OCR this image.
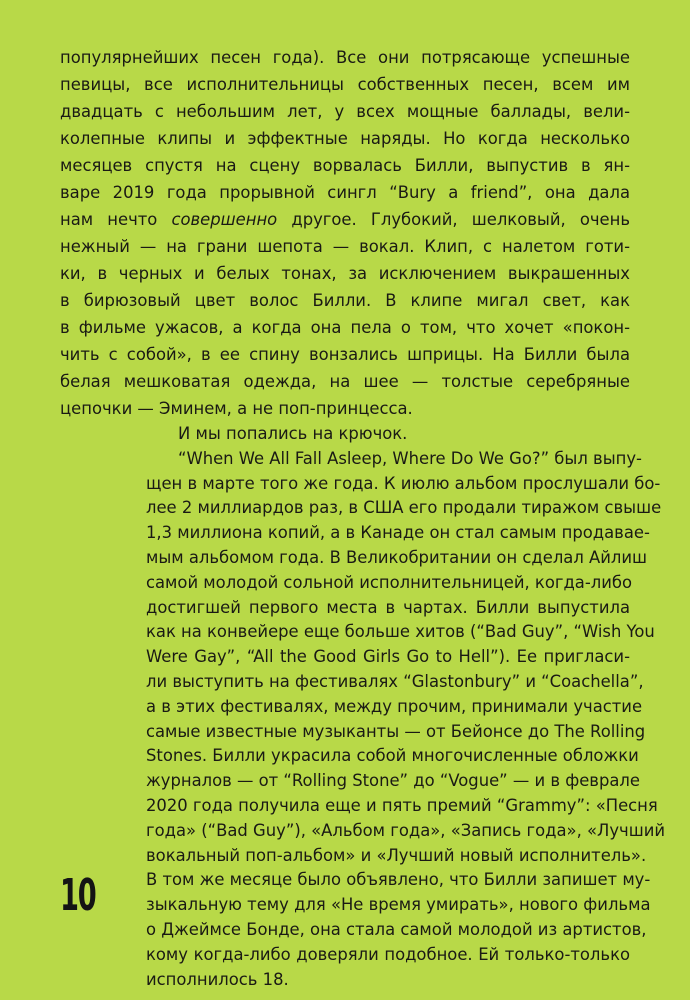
популярнейших песен года). Все они потрясающе успешные
певицы, все исполнительницы собственных песен, всем им
двадцать с небольшим лет, у всех мощные баллады, вели-
колепные клипы и эффектные наряды. Но когда несколько
месяцев спустя на сцену ворвалась Билли, выпустив в ян-
варе 2019 года прорывной сингл “Bury a friend”, она дала
нам нечто совершенно другое. Глубокий, шелковый, очень
нежный — на грани шепота — вокал. Клип, с налетом готи-
ки, в черных и белых тонах, за исключением выкрашенных
в бирюзовый цвет волос Билли. В клипе мигал свет, как
в фильме ужасов, а когда она пела о том, что хочет «покон-
чить с собой», в ее спину вонзались шприцы. На Билли была
белая мешковатая одежда, на шее — толстые серебряные
цепочки — Эминем, а не поп-принцесса.
И мы попались на крючок.
“When We All Fall Asleep, Where Do We Go?” был выпу-
щен в марте того же года. К июлю альбом прослушали бо-
лее 2 миллиардов раз, в США его продали тиражом свыше
1,3 миллиона копий, а в Канаде он стал самым продавае-
мым альбомом года. В Великобритании он сделал Айлиш
самой молодой сольной исполнительницей, когда-либо
достигшей первого места в чартах. Билли выпустила
как на конвейере еще больше хитов (“Bad Guy”, “Wish You
Were Gay”, “All the Good Girls Go to Hell”). Ее пригласи-
ли выступить на фестивалях “Glastonbury” и “Coachella”,
а в этих фестивалях, между прочим, принимали участие
самые известные музыканты — от Бейонсе до The Rolling
Stones. Билли украсила собой многочисленные обложки
журналов — от “Rolling Stone” до “Vogue” — и в феврале
2020 года получила еще и пять премий “Grammy”: «Песня
года» (“Bad Guy”), «Альбом года», «Запись года», «Лучший
вокальный поп-альбом» и «Лучший новый исполнитель».
В том же месяце было объявлено, что Билли запишет му-
зыкальную тему для «Не время умирать», нового фильма
о Джеймсе Бонде, она стала самой молодой из артистов,
10
кому когда-либо доверяли подобное. Ей только-только
исполнилось 18.
